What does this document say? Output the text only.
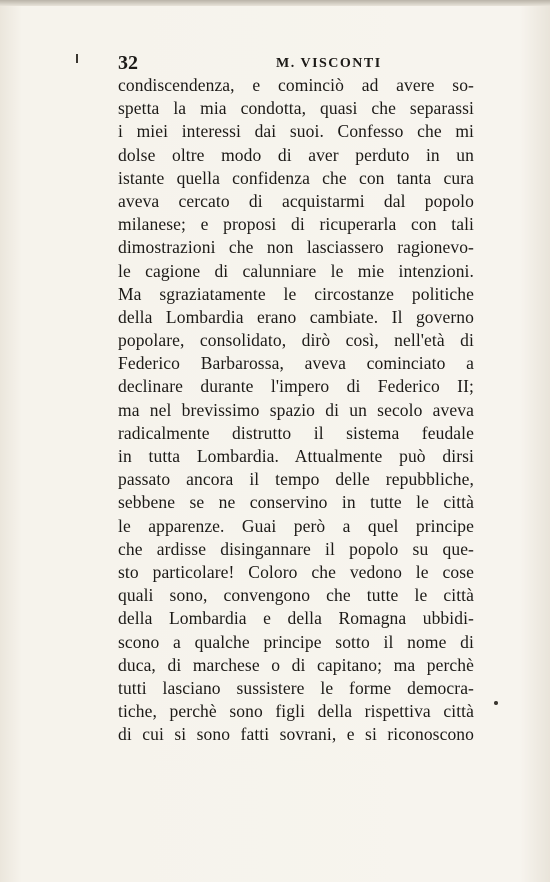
32	M. VISCONTI
condiscendenza, e cominciò ad avere so-
spetta la mia condotta, quasi che separassi
i miei interessi dai suoi. Confesso che mi
dolse oltre modo di aver perduto in un
istante quella confidenza che con tanta cura
aveva cercato di acquistarmi dal popolo
milanese; e proposi di ricuperarla con tali
dimostrazioni che non lasciassero ragionevo-
le cagione di calunniare le mie intenzioni.
Ma sgraziatamente le circostanze politiche
della Lombardia erano cambiate. Il governo
popolare, consolidato, dirò così, nell'età di
Federico Barbarossa, aveva cominciato a
declinare durante l'impero di Federico II;
ma nel brevissimo spazio di un secolo aveva
radicalmente distrutto il sistema feudale
in tutta Lombardia. Attualmente può dirsi
passato ancora il tempo delle repubbliche,
sebbene se ne conservino in tutte le città
le apparenze. Guai però a quel principe
che ardisse disingannare il popolo su que-
sto particolare! Coloro che vedono le cose
quali sono, convengono che tutte le città
della Lombardia e della Romagna ubbidi-
scono a qualche principe sotto il nome di
duca, di marchese o di capitano; ma perchè
tutti lasciano sussistere le forme democra-
tiche, perchè sono figli della rispettiva città
di cui si sono fatti sovrani, e si riconoscono
